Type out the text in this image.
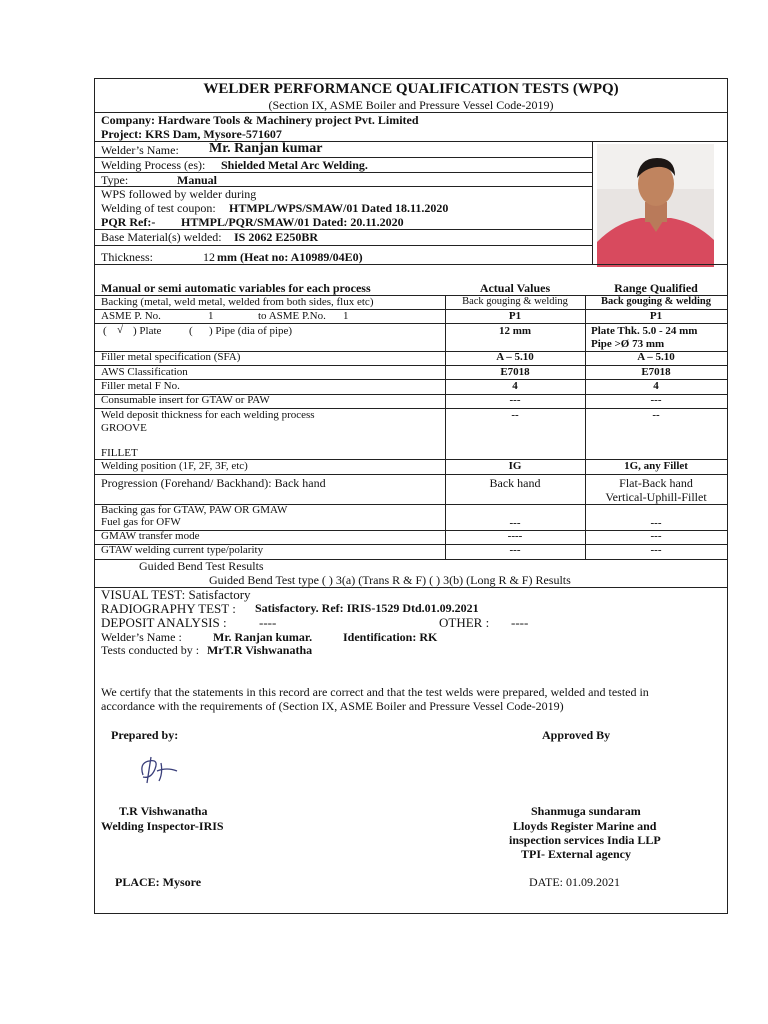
WELDER PERFORMANCE QUALIFICATION TESTS (WPQ)
(Section IX, ASME Boiler and Pressure Vessel Code-2019)
Company: Hardware Tools & Machinery project Pvt. Limited
Project: KRS Dam, Mysore-571607
Welder’s Name: Mr. Ranjan kumar
Welding Process (es): Shielded Metal Arc Welding.
Type:	Manual
WPS followed by welder during
Welding of test coupon: HTMPL/WPS/SMAW/01 Dated 18.11.2020
PQR Ref:- HTMPL/PQR/SMAW/01 Dated: 20.11.2020
Base Material(s) welded: IS 2062 E250BR
Thickness:	12 mm (Heat no: A10989/04E0)
Manual or semi automatic variables for each process	Actual Values	Range Qualified
Backing (metal, weld metal, welded from both sides, flux etc)	Back gouging & welding	Back gouging & welding
ASME P. No.	1	to ASME P.No. 1	P1	P1
( √ ) Plate	( ) Pipe (dia of pipe)	12 mm	Plate Thk. 5.0 - 24 mm
Pipe >Ø 73 mm
Filler metal specification (SFA)	A – 5.10	A – 5.10
AWS Classification	E7018	E7018
Filler metal F No.	4	4
Consumable insert for GTAW or PAW	---	---
Weld deposit thickness for each welding process
GROOVE
FILLET
--	--
Welding position (1F, 2F, 3F, etc)	IG	1G, any Fillet
Progression (Forehand/ Backhand): Back hand	Back hand	Flat-Back hand
Vertical-Uphill-Fillet
Backing gas for GTAW, PAW OR GMAW
Fuel gas for OFW	---	---
GMAW transfer mode	----	---
GTAW welding current type/polarity	---	---
Guided Bend Test Results
Guided Bend Test type ( ) 3(a) (Trans R & F) ( ) 3(b) (Long R & F) Results
VISUAL TEST: Satisfactory
RADIOGRAPHY TEST : Satisfactory. Ref: IRIS-1529 Dtd.01.09.2021
DEPOSIT ANALYSIS : ----	OTHER : ----
Welder’s Name :	Mr. Ranjan kumar.	Identification: RK
Tests conducted by : MrT.R Vishwanatha
We certify that the statements in this record are correct and that the test welds were prepared, welded and tested in
accordance with the requirements of (Section IX, ASME Boiler and Pressure Vessel Code-2019)
Prepared by:	Approved By
T.R Vishwanatha
Welding Inspector-IRIS
Shanmuga sundaram
Lloyds Register Marine and
inspection services India LLP
TPI- External agency
PLACE: Mysore	DATE: 01.09.2021
